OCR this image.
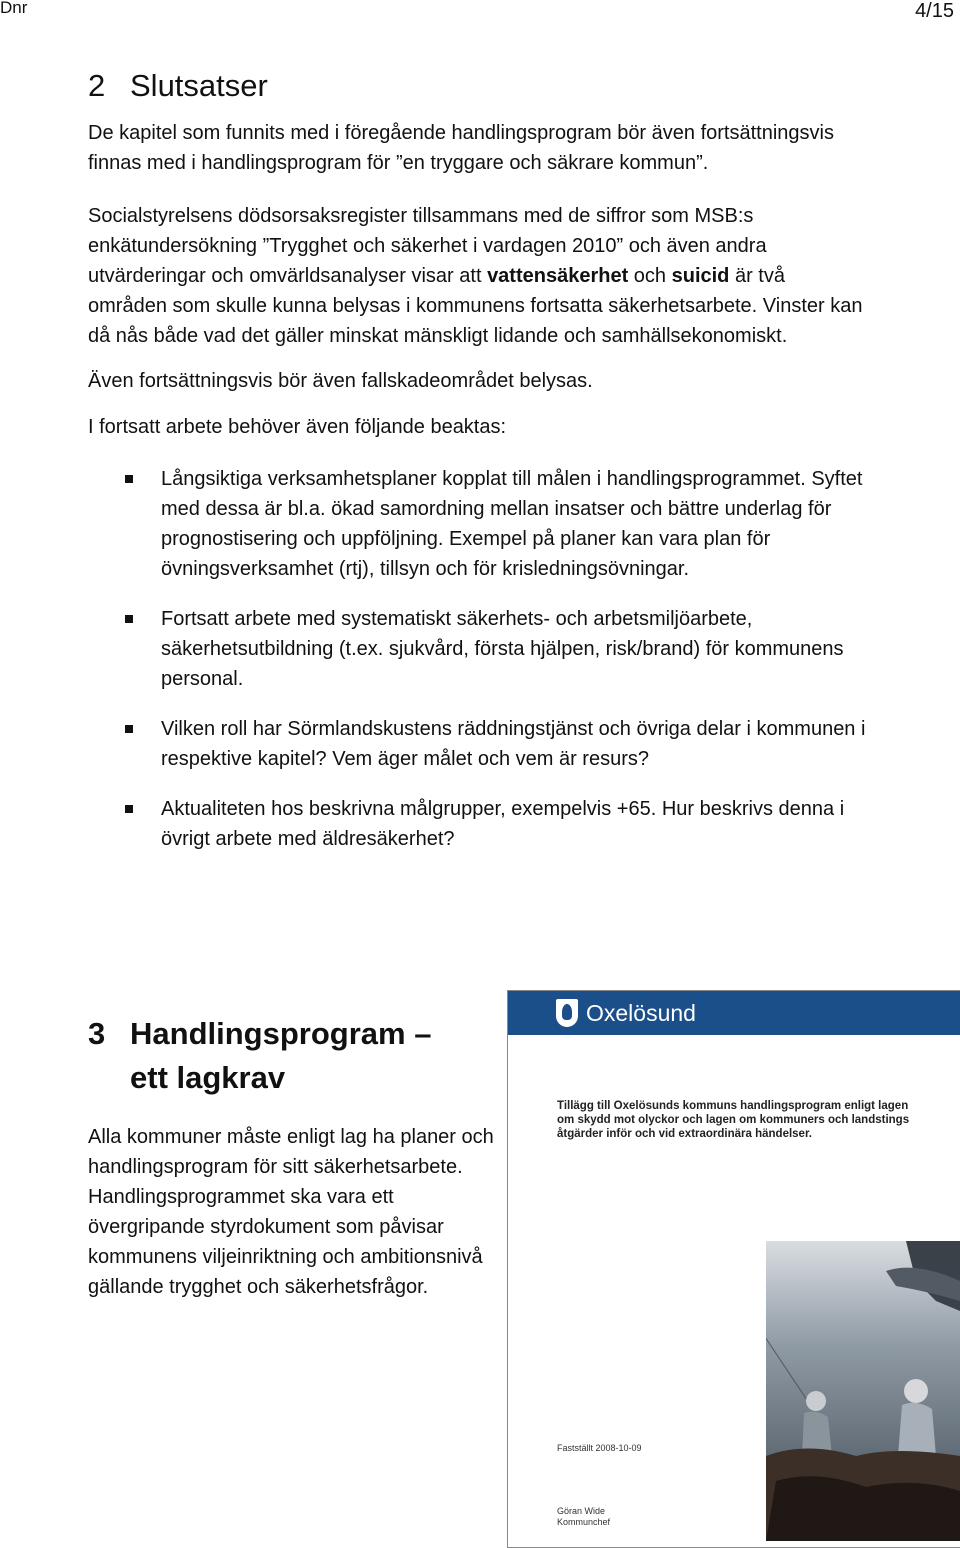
Dnr	4/15
2 Slutsatser

De kapitel som funnits med i föregående handlingsprogram bör även fortsättningsvis finnas med i handlingsprogram för ”en tryggare och säkrare kommun”.

Socialstyrelsens dödsorsaksregister tillsammans med de siffror som MSB:s enkätundersökning ”Trygghet och säkerhet i vardagen 2010” och även andra utvärderingar och omvärldsanalyser visar att vattensäkerhet och suicid är två områden som skulle kunna belysas i kommunens fortsatta säkerhetsarbete. Vinster kan då nås både vad det gäller minskat mänskligt lidande och samhällsekonomiskt.

Även fortsättningsvis bör även fallskadeområdet belysas.

I fortsatt arbete behöver även följande beaktas:

Långsiktiga verksamhetsplaner kopplat till målen i handlingsprogrammet. Syftet med dessa är bl.a. ökad samordning mellan insatser och bättre underlag för prognostisering och uppföljning. Exempel på planer kan vara plan för övningsverksamhet (rtj), tillsyn och för krisledningsövningar.

Fortsatt arbete med systematiskt säkerhets- och arbetsmiljöarbete, säkerhetsutbildning (t.ex. sjukvård, första hjälpen, risk/brand) för kommunens personal.

Vilken roll har Sörmlandskustens räddningstjänst och övriga delar i kommunen i respektive kapitel? Vem äger målet och vem är resurs?

Aktualiteten hos beskrivna målgrupper, exempelvis +65. Hur beskrivs denna i övrigt arbete med äldresäkerhet?

3 Handlingsprogram –
ett lagkrav

Alla kommuner måste enligt lag ha planer och handlingsprogram för sitt säkerhetsarbete. Handlingsprogrammet ska vara ett övergripande styrdokument som påvisar kommunens viljeinriktning och ambitionsnivå gällande trygghet och säkerhetsfrågor.

Oxelösund
Tillägg till Oxelösunds kommuns handlingsprogram enligt lagen om skydd mot olyckor och lagen om kommuners och landstings åtgärder inför och vid extraordinära händelser.
Fastställt 2008-10-09
Göran Wide
Kommunchef
